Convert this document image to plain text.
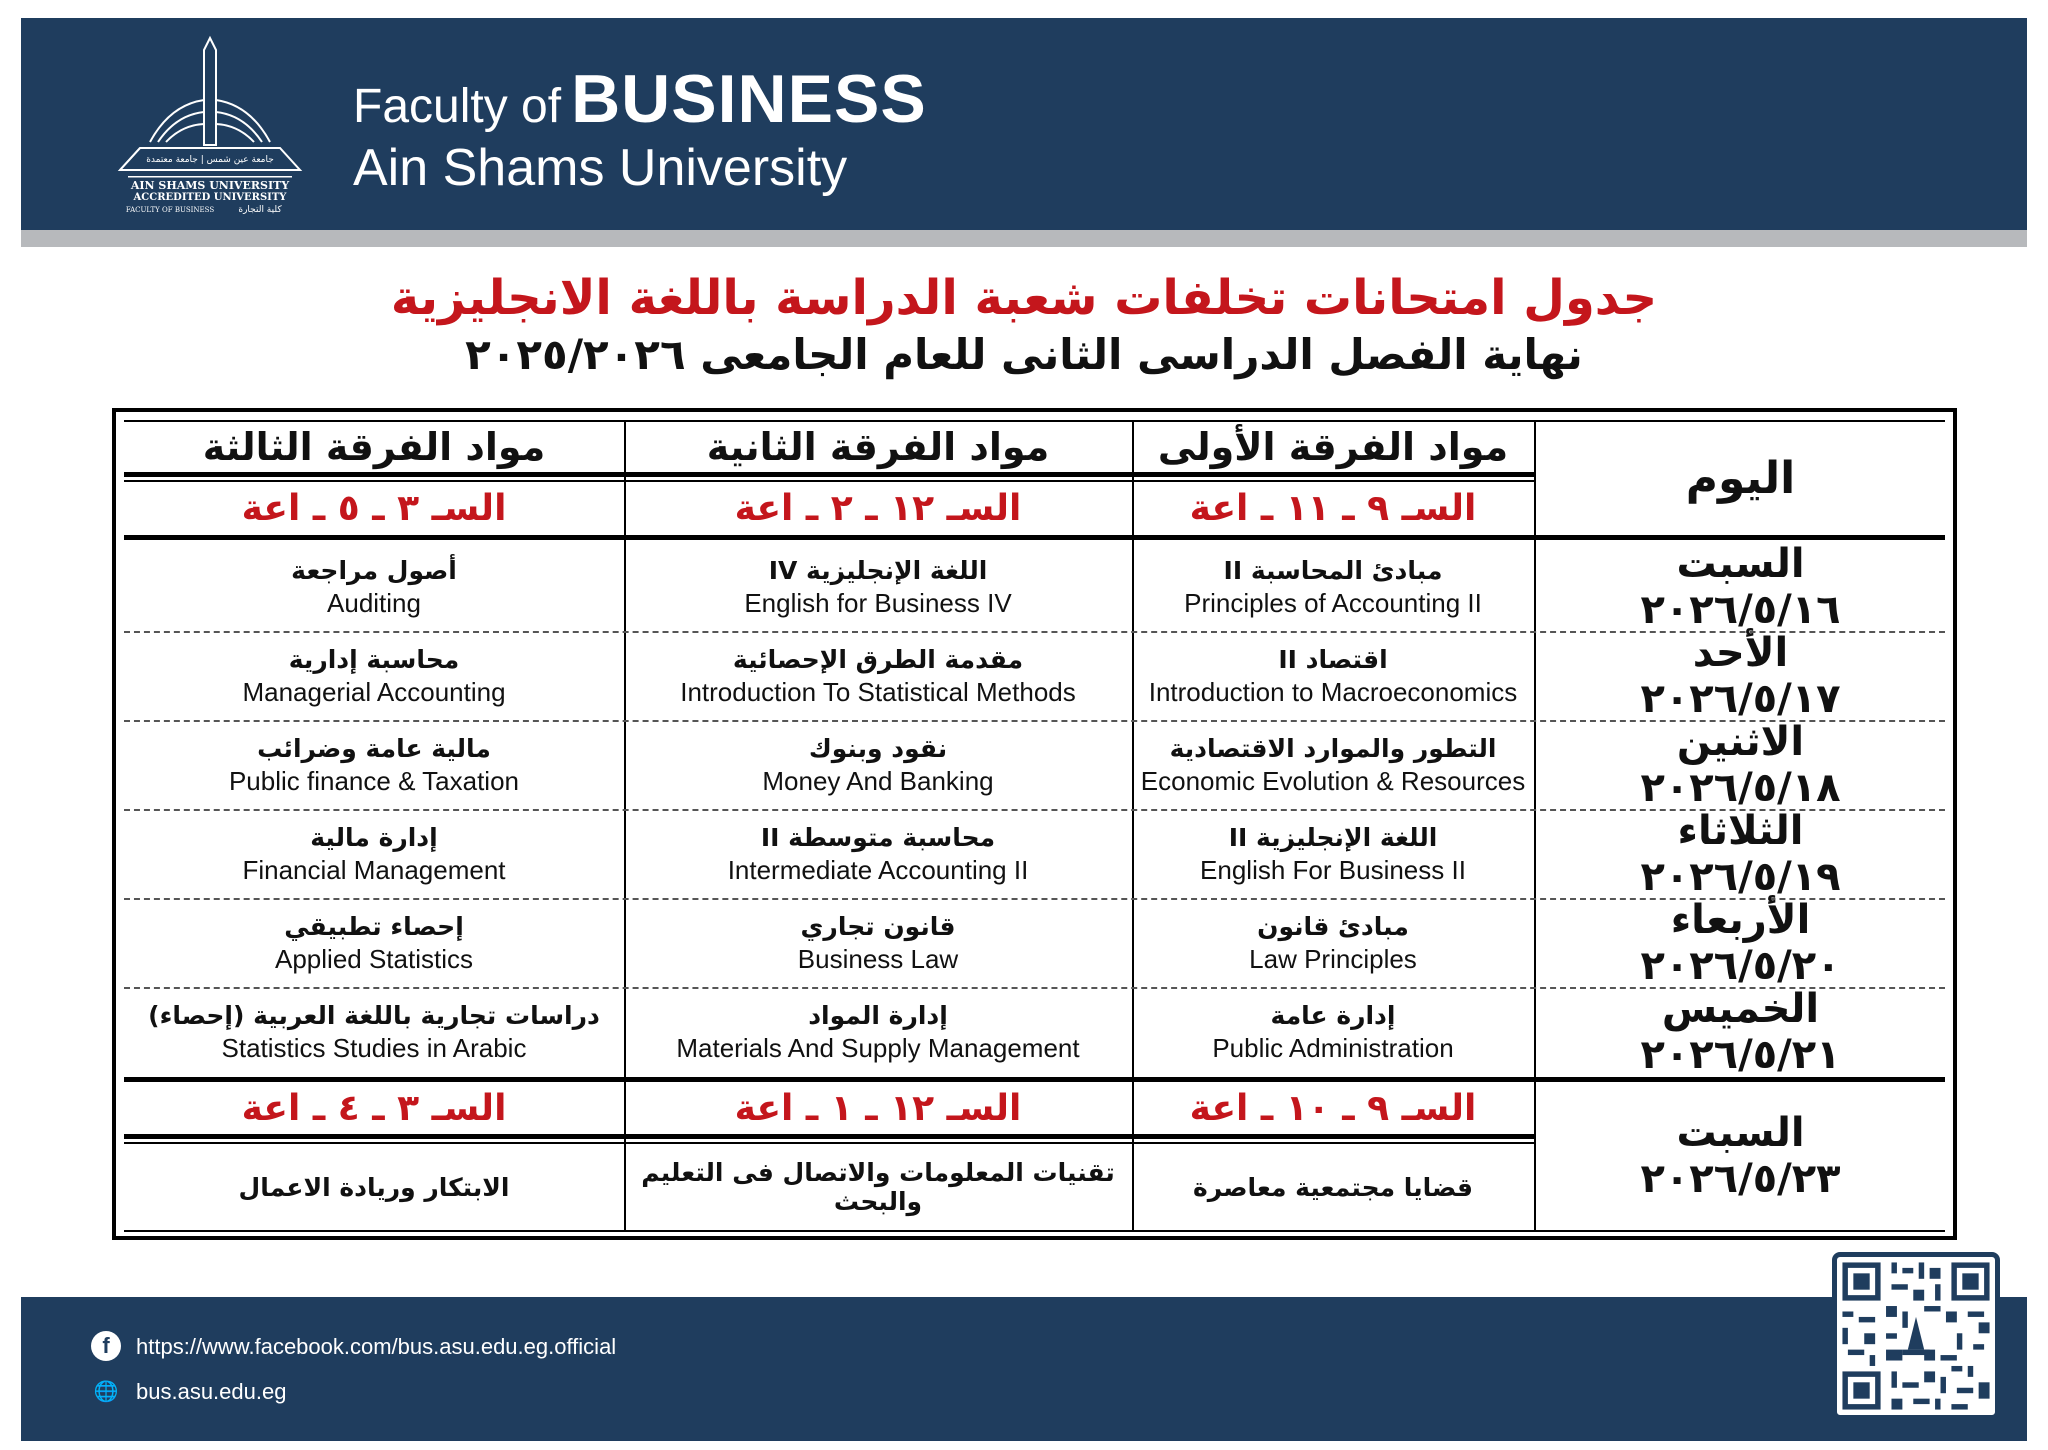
جامعة عين شمس | جامعة معتمدة
AIN SHAMS UNIVERSITY
ACCREDITED UNIVERSITY
FACULTY OF BUSINESS	كلية التجارة
Faculty of BUSINESS
Ain Shams University
جدول امتحانات تخلفات شعبة الدراسة باللغة الانجليزية
نهاية الفصل الدراسى الثانى للعام الجامعى ٢٠٢٥/٢٠٢٦
مواد الفرقة الأولى
مواد الفرقة الثانية
مواد الفرقة الثالثة
السـ ٩ ـ ١١ ـ اعة
السـ ١٢ ـ ٢ ـ اعة
السـ ٣ ـ ٥ ـ اعة
اليوم
السبت
٢٠٢٦/٥/١٦
مبادئ المحاسبة II
Principles of Accounting II
اللغة الإنجليزية IV
English for Business IV
أصول مراجعة
Auditing
الأحد
٢٠٢٦/٥/١٧
اقتصاد II
Introduction to Macroeconomics
مقدمة الطرق الإحصائية
Introduction To Statistical Methods
محاسبة إدارية
Managerial Accounting
الاثنين
٢٠٢٦/٥/١٨
التطور والموارد الاقتصادية
Economic Evolution & Resources
نقود وبنوك
Money And Banking
مالية عامة وضرائب
Public finance & Taxation
الثلاثاء
٢٠٢٦/٥/١٩
اللغة الإنجليزية II
English For Business II
محاسبة متوسطة II
Intermediate Accounting II
إدارة مالية
Financial Management
الأربعاء
٢٠٢٦/٥/٢٠
مبادئ قانون
Law Principles
قانون تجاري
Business Law
إحصاء تطبيقي
Applied Statistics
الخميس
٢٠٢٦/٥/٢١
إدارة عامة
Public Administration
إدارة المواد
Materials And Supply Management
دراسات تجارية باللغة العربية (إحصاء)
Statistics Studies in Arabic
السـ ٩ ـ ١٠ ـ اعة
السـ ١٢ ـ ١ ـ اعة
السـ ٣ ـ ٤ ـ اعة
قضايا مجتمعية معاصرة
تقنيات المعلومات والاتصال فى التعليم والبحث
الابتكار وريادة الاعمال
السبت
٢٠٢٦/٥/٢٣
f	https://www.facebook.com/bus.asu.edu.eg.official
🌐 bus.asu.edu.eg
